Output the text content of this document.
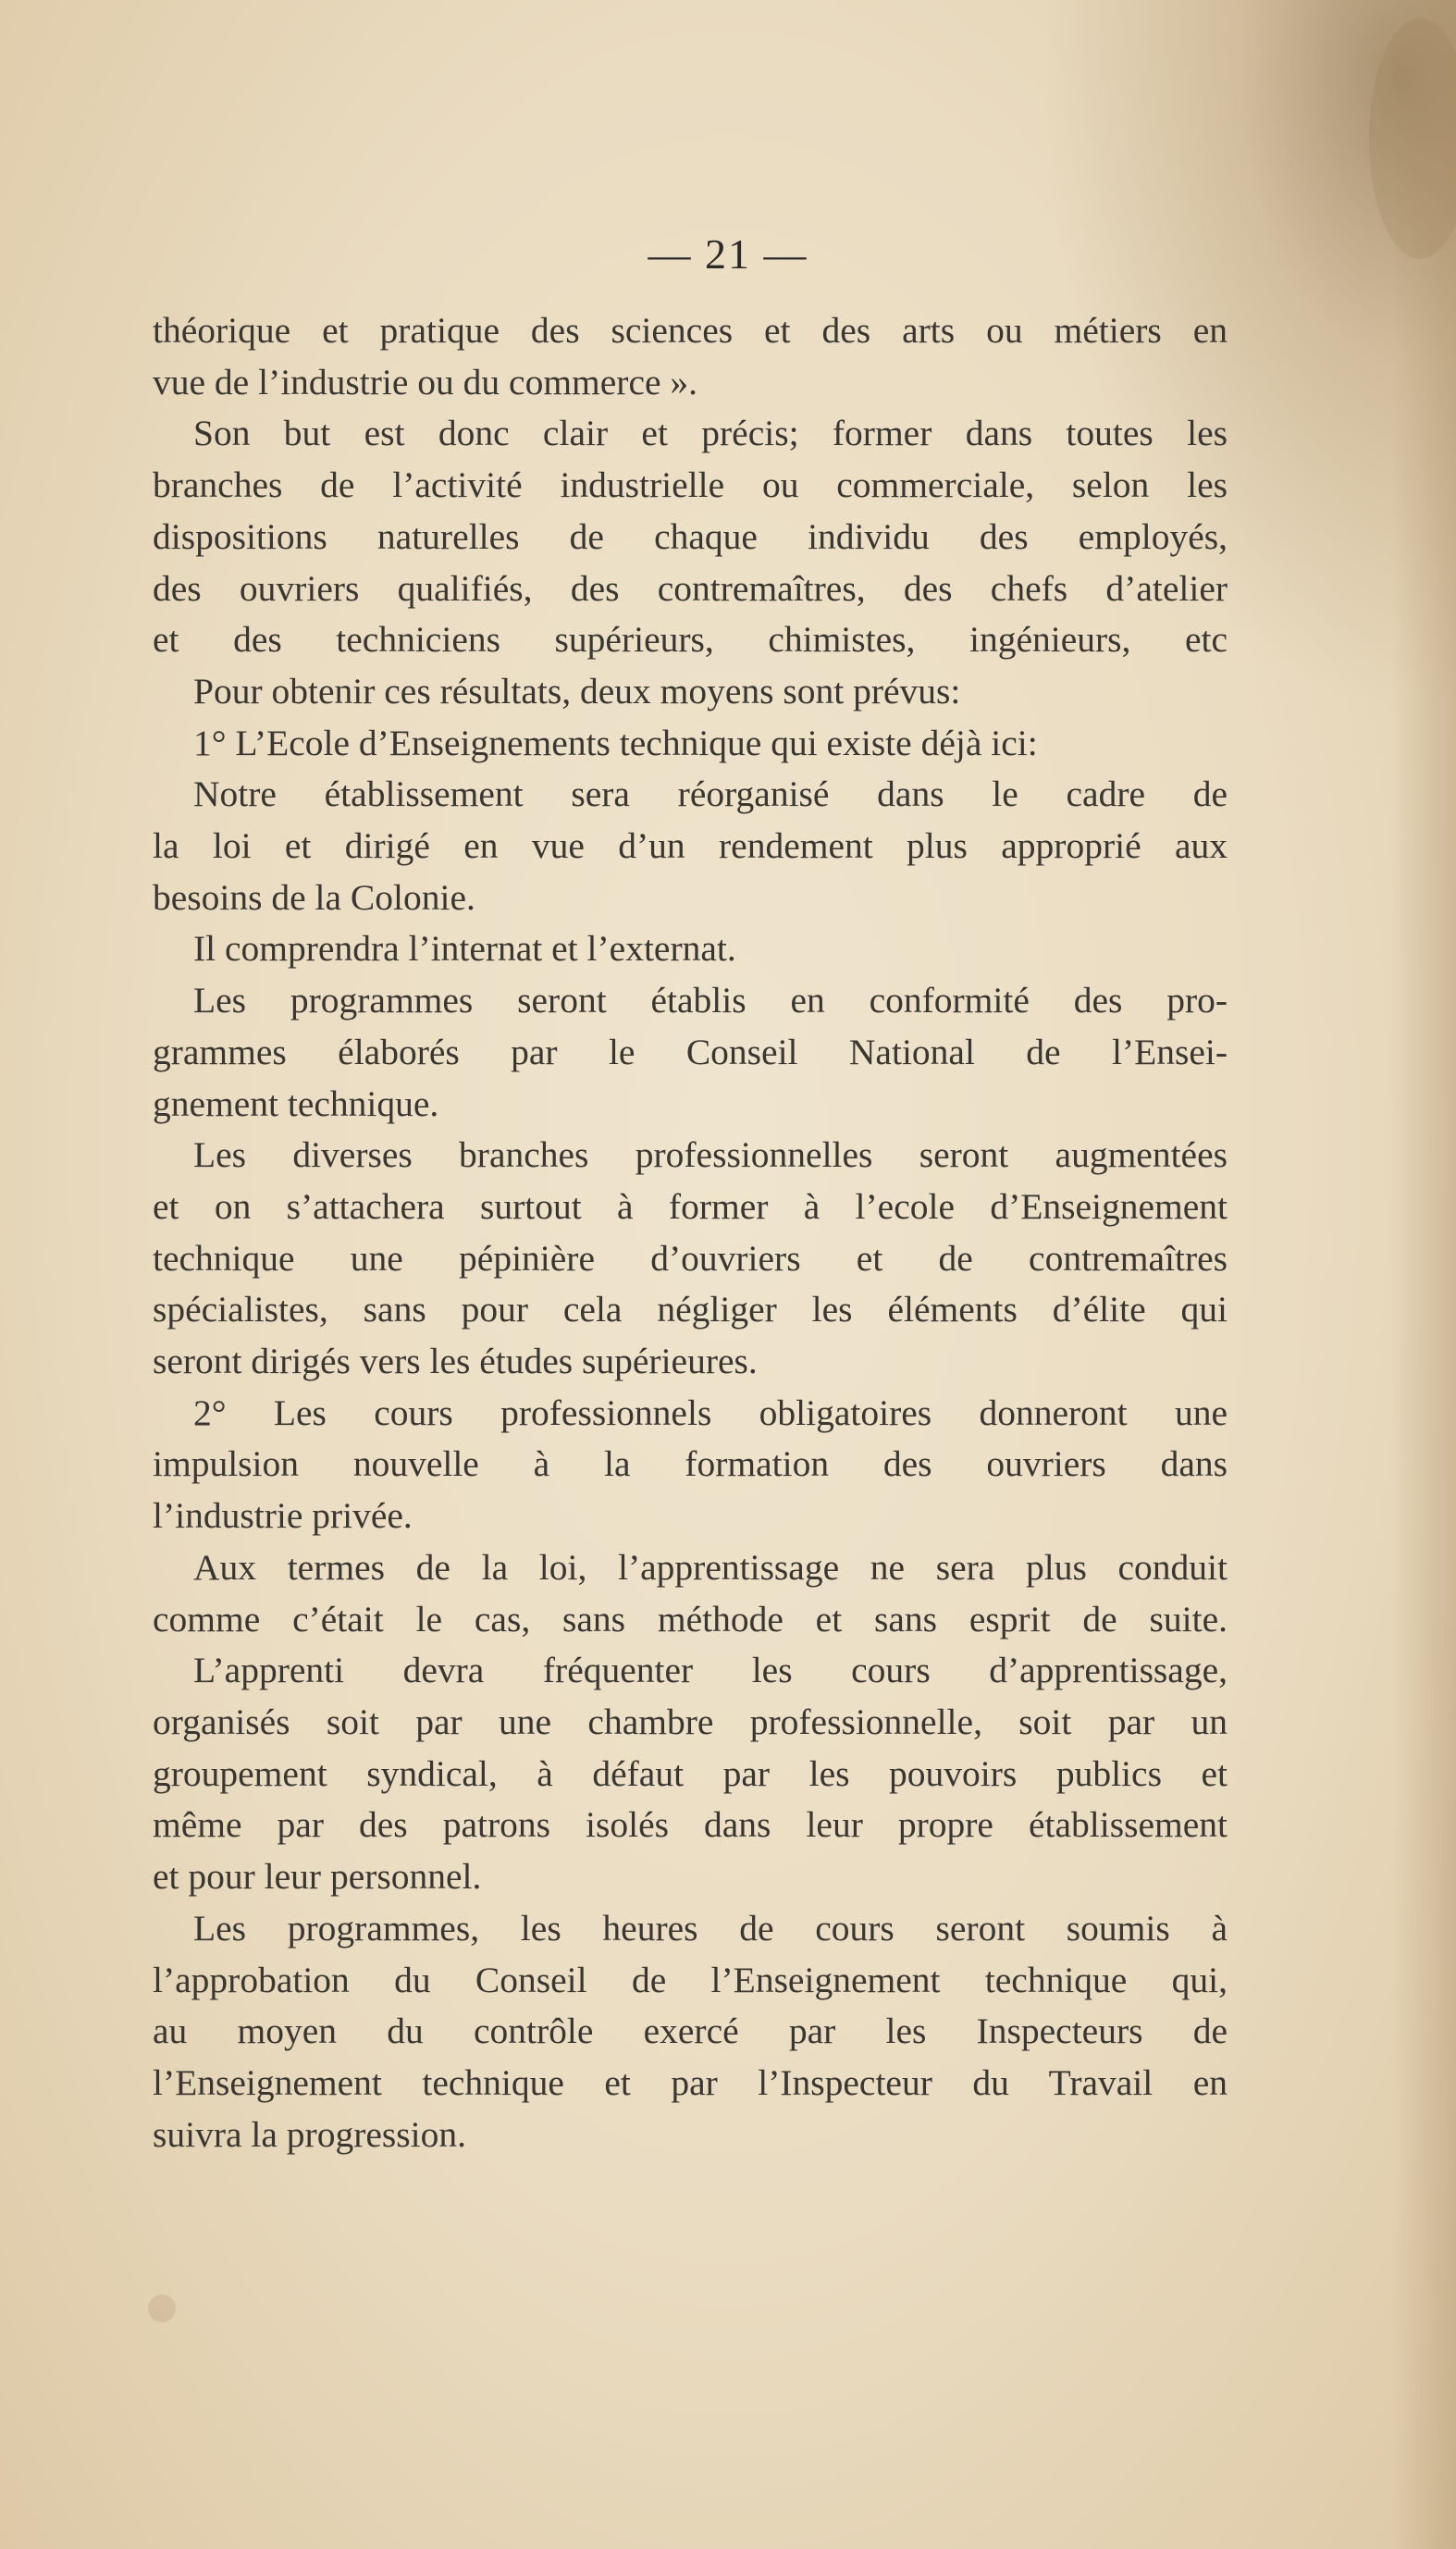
— 21 —
théorique et pratique des sciences et des arts ou métiers en
vue de l’industrie ou du commerce ».
Son but est donc clair et précis; former dans toutes les
branches de l’activité industrielle ou commerciale, selon les
dispositions naturelles de chaque individu des employés,
des ouvriers qualifiés, des contremaîtres, des chefs d’atelier
et des techniciens supérieurs, chimistes, ingénieurs, etc
Pour obtenir ces résultats, deux moyens sont prévus:
1° L’Ecole d’Enseignements technique qui existe déjà ici:
Notre établissement sera réorganisé dans le cadre de
la loi et dirigé en vue d’un rendement plus approprié aux
besoins de la Colonie.
Il comprendra l’internat et l’externat.
Les programmes seront établis en conformité des pro-
grammes élaborés par le Conseil National de l’Ensei-
gnement technique.
Les diverses branches professionnelles seront augmentées
et on s’attachera surtout à former à l’ecole d’Enseignement
technique une pépinière d’ouvriers et de contremaîtres
spécialistes, sans pour cela négliger les éléments d’élite qui
seront dirigés vers les études supérieures.
2° Les cours professionnels obligatoires donneront une
impulsion nouvelle à la formation des ouvriers dans
l’industrie privée.
Aux termes de la loi, l’apprentissage ne sera plus conduit
comme c’était le cas, sans méthode et sans esprit de suite.
L’apprenti devra fréquenter les cours d’apprentissage,
organisés soit par une chambre professionnelle, soit par un
groupement syndical, à défaut par les pouvoirs publics et
même par des patrons isolés dans leur propre établissement
et pour leur personnel.
Les programmes, les heures de cours seront soumis à
l’approbation du Conseil de l’Enseignement technique qui,
au moyen du contrôle exercé par les Inspecteurs de
l’Enseignement technique et par l’Inspecteur du Travail en
suivra la progression.
